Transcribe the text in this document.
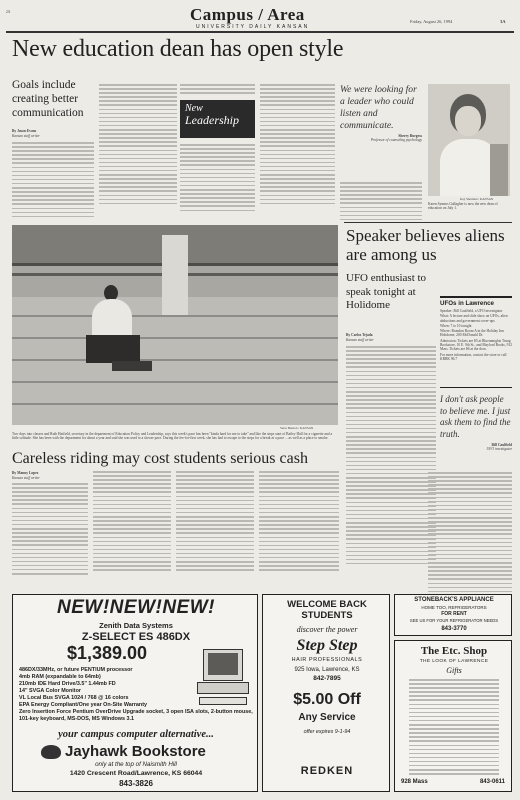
2A	Campus / Area
UNIVERSITY DAILY KANSAN
Friday, August 26, 1994	3A
New education dean has open style
Goals include creating better communication
By Jason Evans
Kansan staff writer
New
Leadership
We were looking for a leader who could listen and communicate.
Sherry Burgess
Professor of counseling psychology
Kay Sherman / KANSAN
Karen Symms Gallagher is now the new dean of education on July 1.
Steve Benson / KANSAN
Two days into classes and Ruth Hatfield, secretary in the department of Education Policy and Leadership, says this week's pace has been "kinda hard for me to take" and like the steps start of Bailey Hall for a cigarette and a little solitude. She has been with the department for about a year and said she was used to a slower pace. During the fee-for-first week, she has had to escape to the steps for a break at a pace ... as well as a place to smoke.
Speaker believes aliens are among us
UFO enthusiast to speak tonight at Holidome
By Carlos Tejada
Kansan staff writer
UFOs in Lawrence
Speaker: Bill Caulfield, a UFO investigator
What: A lecture and slide show on UFOs, alien abductions and government cover-ups
When: 7 to 10 tonight
Where: Brandon Room A in the Holiday Inn Holidome, 200 McDonald Dr.
Admission: Tickets are $5 at Blueunnights Trung Bookstore, 10 E. 9th St., and Maylord Books, 912 Mass. Tickets are $6 at the door.
For more information, contact the store or call KRBK 96.7
I don't ask people to believe me. I just ask them to find the truth.
Bill Caulfield
UFO investigator
Careless riding may cost students serious cash
By Manny Lopez
Kansan staff writer
NEW!NEW!NEW!
Zenith Data Systems
Z-SELECT ES 486DX
$1,389.00
486DX/33MHz, or future PENTIUM processor
4mb RAM (expandable to 64mb)
210mb IDE Hard Drive/3.5" 1.44mb FD
14" SVGA Color Monitor
VL Local Bus SVGA 1024 / 768 @ 16 colors
EPA Energy Compliant/One year On-Site Warranty
Zero Insertion Force Pentium OverDrive Upgrade socket, 3 open ISA slots, 2-button mouse, 101-key keyboard, MS-DOS, MS Windows 3.1
your campus computer alternative...
Jayhawk Bookstore
only at the top of Naismith Hill
1420 Crescent Road/Lawrence, KS 66044
843-3826
WELCOME BACK STUDENTS
discover the power
Step Step
HAIR PROFESSIONALS
925 Iowa, Lawrence, KS
842-7895
$5.00 Off
Any Service
offer expires 9-1-94
REDKEN
STONEBACK'S APPLIANCE
HOME TOO, REFRIGERATORS
FOR RENT
SEE US FOR YOUR REFRIGERATOR NEEDS
843-3770
The Etc. Shop
THE LOOK OF LAWRENCE
Gifts
928 Mass	843-0611
